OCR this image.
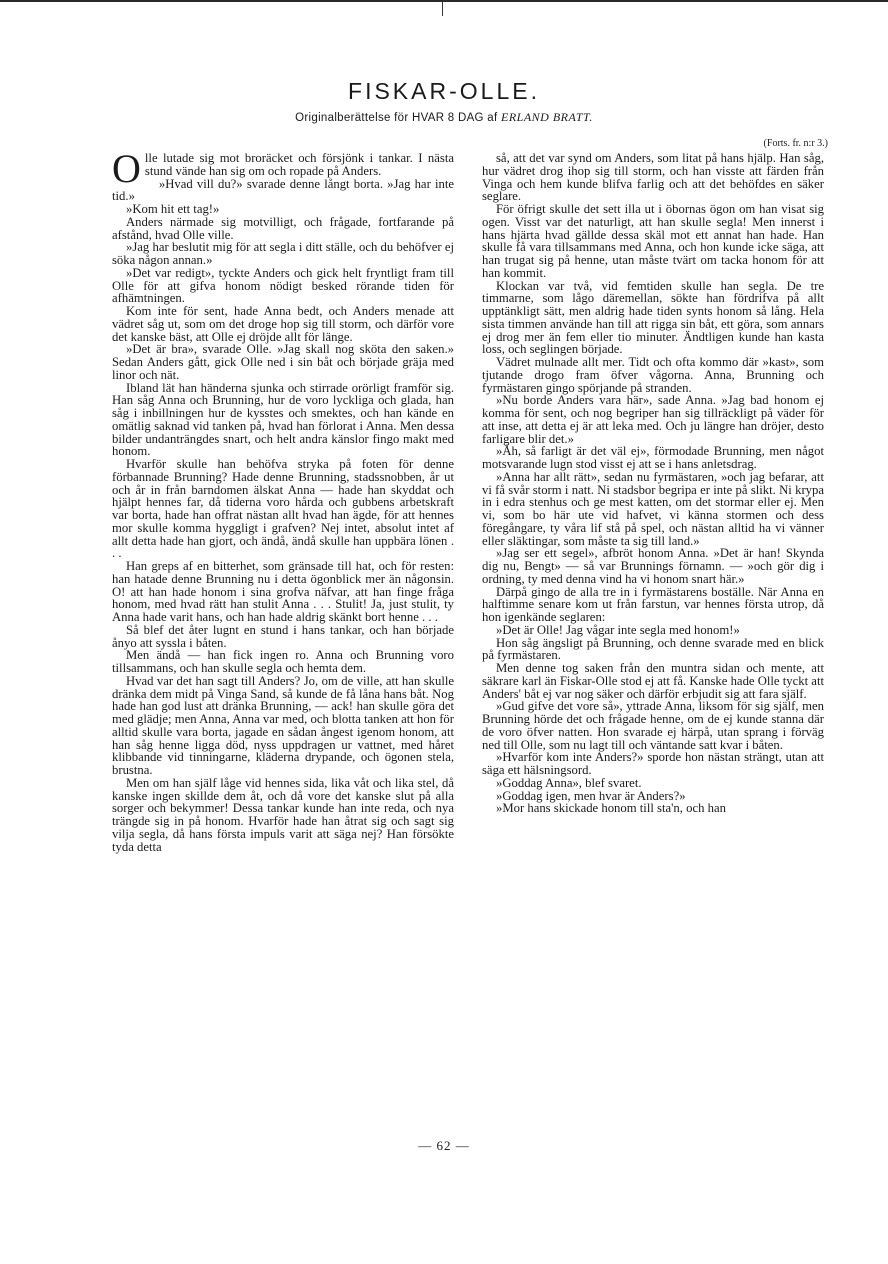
FISKAR-OLLE.
Originalberättelse för HVAR 8 DAG af ERLAND BRATT.
(Forts. fr. n:r 3.)

Olle lutade sig mot broräcket och försjönk i tankar. I nästa stund vände han sig om och ropade på Anders.

»Hvad vill du?» svarade denne långt borta. »Jag har inte tid.»

»Kom hit ett tag!»

Anders närmade sig motvilligt, och frågade, fortfarande på afstånd, hvad Olle ville.

»Jag har beslutit mig för att segla i ditt ställe, och du behöfver ej söka någon annan.»

»Det var redigt», tyckte Anders och gick helt fryntligt fram till Olle för att gifva honom nödigt besked rörande tiden för afhämtningen.

Kom inte för sent, hade Anna bedt, och Anders menade att vädret såg ut, som om det droge hop sig till storm, och därför vore det kanske bäst, att Olle ej dröjde allt för länge.

»Det är bra», svarade Olle. »Jag skall nog sköta den saken.» Sedan Anders gått, gick Olle ned i sin båt och började gräja med linor och nät.

Ibland lät han händerna sjunka och stirrade orörligt framför sig. Han såg Anna och Brunning, hur de voro lyckliga och glada, han såg i inbillningen hur de kysstes och smektes, och han kände en omätlig saknad vid tanken på, hvad han förlorat i Anna. Men dessa bilder undanträngdes snart, och helt andra känslor fingo makt med honom.

Hvarför skulle han behöfva stryka på foten för denne förbannade Brunning? Hade denne Brunning, stadssnobben, år ut och år in från barndomen älskat Anna — hade han skyddat och hjälpt hennes far, då tiderna voro hårda och gubbens arbetskraft var borta, hade han offrat nästan allt hvad han ägde, för att hennes mor skulle komma hyggligt i grafven? Nej intet, absolut intet af allt detta hade han gjort, och ändå, ändå skulle han uppbära lönen . . .

Han greps af en bitterhet, som gränsade till hat, och för resten: han hatade denne Brunning nu i detta ögonblick mer än någonsin. O! att han hade honom i sina grofva näfvar, att han finge fråga honom, med hvad rätt han stulit Anna . . . Stulit! Ja, just stulit, ty Anna hade varit hans, och han hade aldrig skänkt bort henne . . .

Så blef det åter lugnt en stund i hans tankar, och han började ånyo att syssla i båten.

Men ändå — han fick ingen ro. Anna och Brunning voro tillsammans, och han skulle segla och hemta dem.

Hvad var det han sagt till Anders? Jo, om de ville, att han skulle dränka dem midt på Vinga Sand, så kunde de få låna hans båt. Nog hade han god lust att dränka Brunning, — ack! han skulle göra det med glädje; men Anna, Anna var med, och blotta tanken att hon för alltid skulle vara borta, jagade en sådan ångest igenom honom, att han såg henne ligga död, nyss uppdragen ur vattnet, med håret klibbande vid tinningarne, kläderna drypande, och ögonen stela, brustna.

Men om han själf låge vid hennes sida, lika våt och lika stel, då kanske ingen skillde dem åt, och då vore det kanske slut på alla sorger och bekymmer! Dessa tankar kunde han inte reda, och nya trängde sig in på honom. Hvarför hade han åtrat sig och sagt sig vilja segla, då hans första impuls varit att säga nej? Han försökte tyda detta

så, att det var synd om Anders, som litat på hans hjälp. Han såg, hur vädret drog ihop sig till storm, och han visste att färden från Vinga och hem kunde blifva farlig och att det behöfdes en säker seglare.

För öfrigt skulle det sett illa ut i öbornas ögon om han visat sig ogen. Visst var det naturligt, att han skulle segla! Men innerst i hans hjärta hvad gällde dessa skäl mot ett annat han hade. Han skulle få vara tillsammans med Anna, och hon kunde icke säga, att han trugat sig på henne, utan måste tvärt om tacka honom för att han kommit.

Klockan var två, vid femtiden skulle han segla. De tre timmarne, som lågo däremellan, sökte han fördrifva på allt upptänkligt sätt, men aldrig hade tiden synts honom så lång. Hela sista timmen använde han till att rigga sin båt, ett göra, som annars ej drog mer än fem eller tio minuter. Ändtligen kunde han kasta loss, och seglingen började.

Vädret mulnade allt mer. Tidt och ofta kommo där »kast», som tjutande drogo fram öfver vågorna. Anna, Brunning och fyrmästaren gingo spörjande på stranden.

»Nu borde Anders vara här», sade Anna. »Jag bad honom ej komma för sent, och nog begriper han sig tillräckligt på väder för att inse, att detta ej är att leka med. Och ju längre han dröjer, desto farligare blir det.»

»Åh, så farligt är det väl ej», förmodade Brunning, men något motsvarande lugn stod visst ej att se i hans anletsdrag.

»Anna har allt rätt», sedan nu fyrmästaren, »och jag befarar, att vi få svår storm i natt. Ni stadsbor begripa er inte på slikt. Ni krypa in i edra stenhus och ge mest katten, om det stormar eller ej. Men vi, som bo här ute vid hafvet, vi känna stormen och dess föregångare, ty våra lif stå på spel, och nästan alltid ha vi vänner eller släktingar, som måste ta sig till land.»

»Jag ser ett segel», afbröt honom Anna. »Det är han! Skynda dig nu, Bengt» — så var Brunnings förnamn. — »och gör dig i ordning, ty med denna vind ha vi honom snart här.»

Därpå gingo de alla tre in i fyrmästarens boställe. När Anna en halftimme senare kom ut från farstun, var hennes första utrop, då hon igenkände seglaren:

»Det är Olle! Jag vågar inte segla med honom!»

Hon såg ängsligt på Brunning, och denne svarade med en blick på fyrmästaren.

Men denne tog saken från den muntra sidan och mente, att säkrare karl än Fiskar-Olle stod ej att få. Kanske hade Olle tyckt att Anders' båt ej var nog säker och därför erbjudit sig att fara själf.

»Gud gifve det vore så», yttrade Anna, liksom för sig själf, men Brunning hörde det och frågade henne, om de ej kunde stanna där de voro öfver natten. Hon svarade ej härpå, utan sprang i förväg ned till Olle, som nu lagt till och väntande satt kvar i båten.

»Hvarför kom inte Anders?» sporde hon nästan strängt, utan att säga ett hälsningsord.

»Goddag Anna», blef svaret.

»Goddag igen, men hvar är Anders?»

»Mor hans skickade honom till sta'n, och han

— 62 —
